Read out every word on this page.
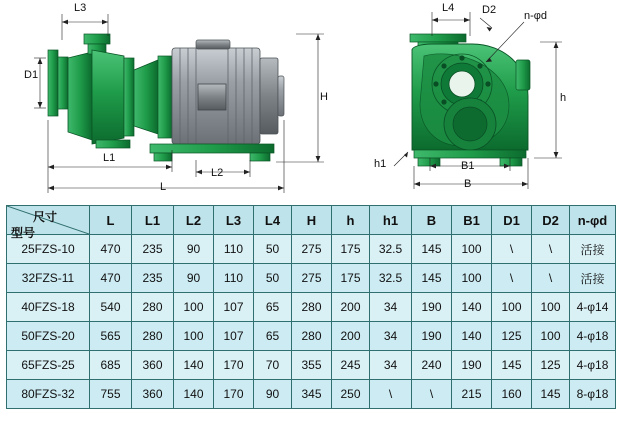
L3
D1
L1
L2
L
H
L4	D2	n-φd
h
h1	B1
B
尺寸
型号	L	L1	L2	L3	L4	H	h	h1	B	B1	D1	D2	n-φd
25FZS-10	470	235	90	110	50	275	175	32.5	145	100	\	\	活接
32FZS-11	470	235	90	110	50	275	175	32.5	145	100	\	\	活接
40FZS-18	540	280	100	107	65	280	200	34	190	140	100	100	4-φ14
50FZS-20	565	280	100	107	65	280	200	34	190	140	125	100	4-φ18
65FZS-25	685	360	140	170	70	355	245	34	240	190	145	125	4-φ18
80FZS-32	755	360	140	170	90	345	250	\	\	215	160	145	8-φ18
